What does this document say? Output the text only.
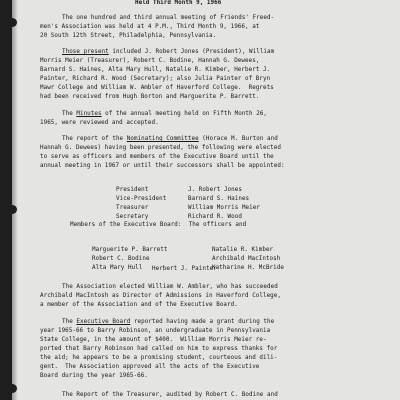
Held Third Month 9, 1966
The one hundred and third annual meeting of Friends' Freed-
men's Association was held at 4 P.M., Third Month 9, 1966, at
20 South 12th Street, Philadelphia, Pennsylvania.
Those present included J. Robert Jones (President), William
Morris Meier (Treasurer), Robert C. Bodine, Hannah G. Dewees,
Barnard S. Haines, Alta Mary Hull, Natalie R. Kimber, Herbert J.
Painter, Richard R. Wood (Secretary); also Julia Painter of Bryn
Mawr College and William W. Ambler of Haverford College.  Regrets
had been received from Hugh Borton and Marguerite P. Barrett.
The Minutes of the annual meeting held on Fifth Month 26,
1965, were reviewed and accepted.
The report of the Nominating Committee (Horace M. Burton and
Hannah G. Dewees) having been presented, the following were elected
to serve as officers and members of the Executive Board until the
annual meeting in 1967 or until their successors shall be appointed:

President	J. Robert Jones

Vice-President	Barnard S. Haines

Treasurer	William Morris Meier

Secretary	Richard R. Wood

Members of the Executive Board:  The officers and

Marguerite P. Barrett	Natalie R. Kimber

Robert C. Bodine	Archibald MacIntosh

Alta Mary Hull	Katharine H. McBride

Herbert J. Painter
The Association elected William W. Ambler, who has succeeded
Archibald MacIntosh as Director of Admissions in Haverford College,
a member of the Association and of the Executive Board.
The Executive Board reported having made a grant during the
year 1965-66 to Barry Robinson, an undergraduate in Pennsylvania
State College, in the amount of $400.  William Morris Meier re-
ported that Barry Robinson had called on him to express thanks for
the aid; he appears to be a promising student, courteous and dili-
gent.  The Association approved all the acts of the Executive
Board during the year 1965-66.
The Report of the Treasurer, audited by Robert C. Bodine and
